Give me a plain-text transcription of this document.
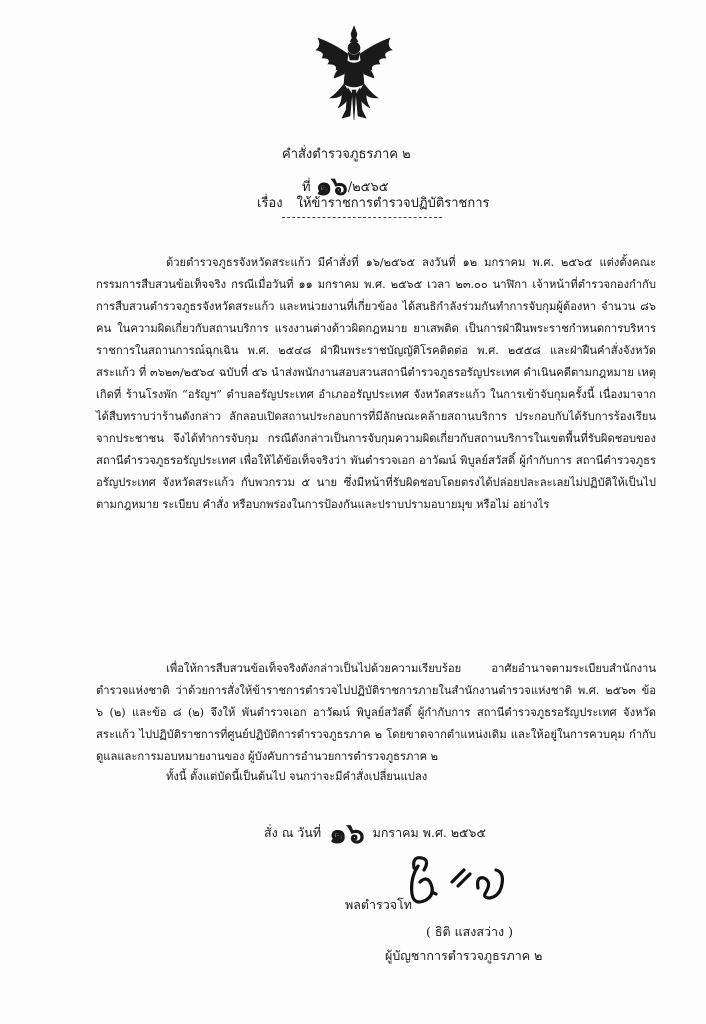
คำสั่งตำรวจภูธรภาค ๒
ที่ ๑๖/๒๕๖๕
เรื่อง ให้ข้าราชการตำรวจปฏิบัติราชการ
ด้วยตำรวจภูธรจังหวัดสระแก้ว มีคำสั่งที่ ๑๖/๒๕๖๕ ลงวันที่ ๑๒ มกราคม พ.ศ. ๒๕๖๕ แต่งตั้งคณะกรรมการสืบสวนข้อเท็จจริง กรณีเมื่อวันที่ ๑๑ มกราคม พ.ศ. ๒๕๖๕ เวลา ๒๓.๐๐ นาฬิกา เจ้าหน้าที่ตำรวจกองกำกับการสืบสวนตำรวจภูธรจังหวัดสระแก้ว และหน่วยงานที่เกี่ยวข้อง ได้สนธิกำลังร่วมกันทำการจับกุมผู้ต้องหา จำนวน ๘๖ คน ในความผิดเกี่ยวกับสถานบริการ แรงงานต่างด้าวผิดกฎหมาย ยาเสพติด เป็นการฝ่าฝืนพระราชกำหนดการบริหารราชการในสถานการณ์ฉุกเฉิน พ.ศ. ๒๕๔๘ ฝ่าฝืนพระราชบัญญัติโรคติดต่อ พ.ศ. ๒๕๕๘ และฝ่าฝืนคำสั่งจังหวัดสระแก้ว ที่ ๓๖๒๓/๒๕๖๔ ฉบับที่ ๕๖ นำส่งพนักงานสอบสวนสถานีตำรวจภูธรอรัญประเทศ ดำเนินคดีตามกฎหมาย เหตุเกิดที่ ร้านโรงพัก “อรัญฯ” ตำบลอรัญประเทศ อำเภออรัญประเทศ จังหวัดสระแก้ว ในการเข้าจับกุมครั้งนี้ เนื่องมาจากได้สืบทราบว่าร้านดังกล่าว ลักลอบเปิดสถานประกอบการที่มีลักษณะคล้ายสถานบริการ ประกอบกับได้รับการร้องเรียนจากประชาชน จึงได้ทำการจับกุม กรณีดังกล่าวเป็นการจับกุมความผิดเกี่ยวกับสถานบริการในเขตพื้นที่รับผิดชอบของสถานีตำรวจภูธรอรัญประเทศ เพื่อให้ได้ข้อเท็จจริงว่า พันตำรวจเอก อาวัฒน์ พิบูลย์สวัสดิ์ ผู้กำกับการ สถานีตำรวจภูธรอรัญประเทศ จังหวัดสระแก้ว กับพวกรวม ๕ นาย ซึ่งมีหน้าที่รับผิดชอบโดยตรงได้ปล่อยปละละเลยไม่ปฏิบัติให้เป็นไปตามกฎหมาย ระเบียบ คำสั่ง หรือบกพร่องในการป้องกันและปราบปรามอบายมุข หรือไม่ อย่างไร
เพื่อให้การสืบสวนข้อเท็จจริงดังกล่าวเป็นไปด้วยความเรียบร้อย อาศัยอำนาจตามระเบียบสำนักงานตำรวจแห่งชาติ ว่าด้วยการสั่งให้ข้าราชการตำรวจไปปฏิบัติราชการภายในสำนักงานตำรวจแห่งชาติ พ.ศ. ๒๕๖๓ ข้อ ๖ (๒) และข้อ ๘ (๒) จึงให้ พันตำรวจเอก อาวัฒน์ พิบูลย์สวัสดิ์ ผู้กำกับการ สถานีตำรวจภูธรอรัญประเทศ จังหวัดสระแก้ว ไปปฏิบัติราชการที่ศูนย์ปฏิบัติการตำรวจภูธรภาค ๒ โดยขาดจากตำแหน่งเดิม และให้อยู่ในการควบคุม กำกับดูแลและการมอบหมายงานของ ผู้บังคับการอำนวยการตำรวจภูธรภาค ๒
ทั้งนี้ ตั้งแต่บัดนี้เป็นต้นไป จนกว่าจะมีคำสั่งเปลี่ยนแปลง
สั่ง ณ วันที่ ๑๖ มกราคม พ.ศ. ๒๕๖๕
พลตำรวจโท
( ธิติ แสงสว่าง )
ผู้บัญชาการตำรวจภูธรภาค ๒
